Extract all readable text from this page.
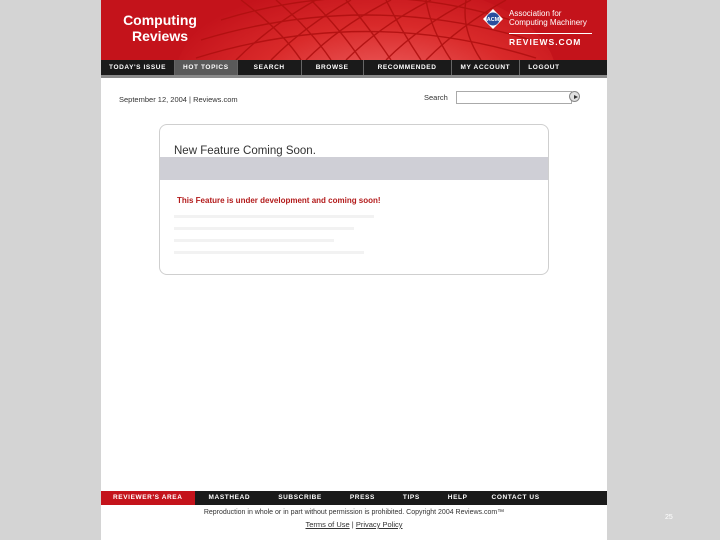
Computing
Reviews
ACM
Association for Computing Machinery
REVIEWS.COM
TODAY'S ISSUE	HOT TOPICS	SEARCH	BROWSE	RECOMMENDED	MY ACCOUNT	LOGOUT
September 12, 2004 | Reviews.com	Search
New Feature Coming Soon.
This Feature is under development and coming soon!
REVIEWER'S AREA	MASTHEAD	SUBSCRIBE	PRESS	TIPS	HELP	CONTACT US
Reproduction in whole or in part without permission is prohibited. Copyright 2004 Reviews.com™
Terms of Use | Privacy Policy
25
